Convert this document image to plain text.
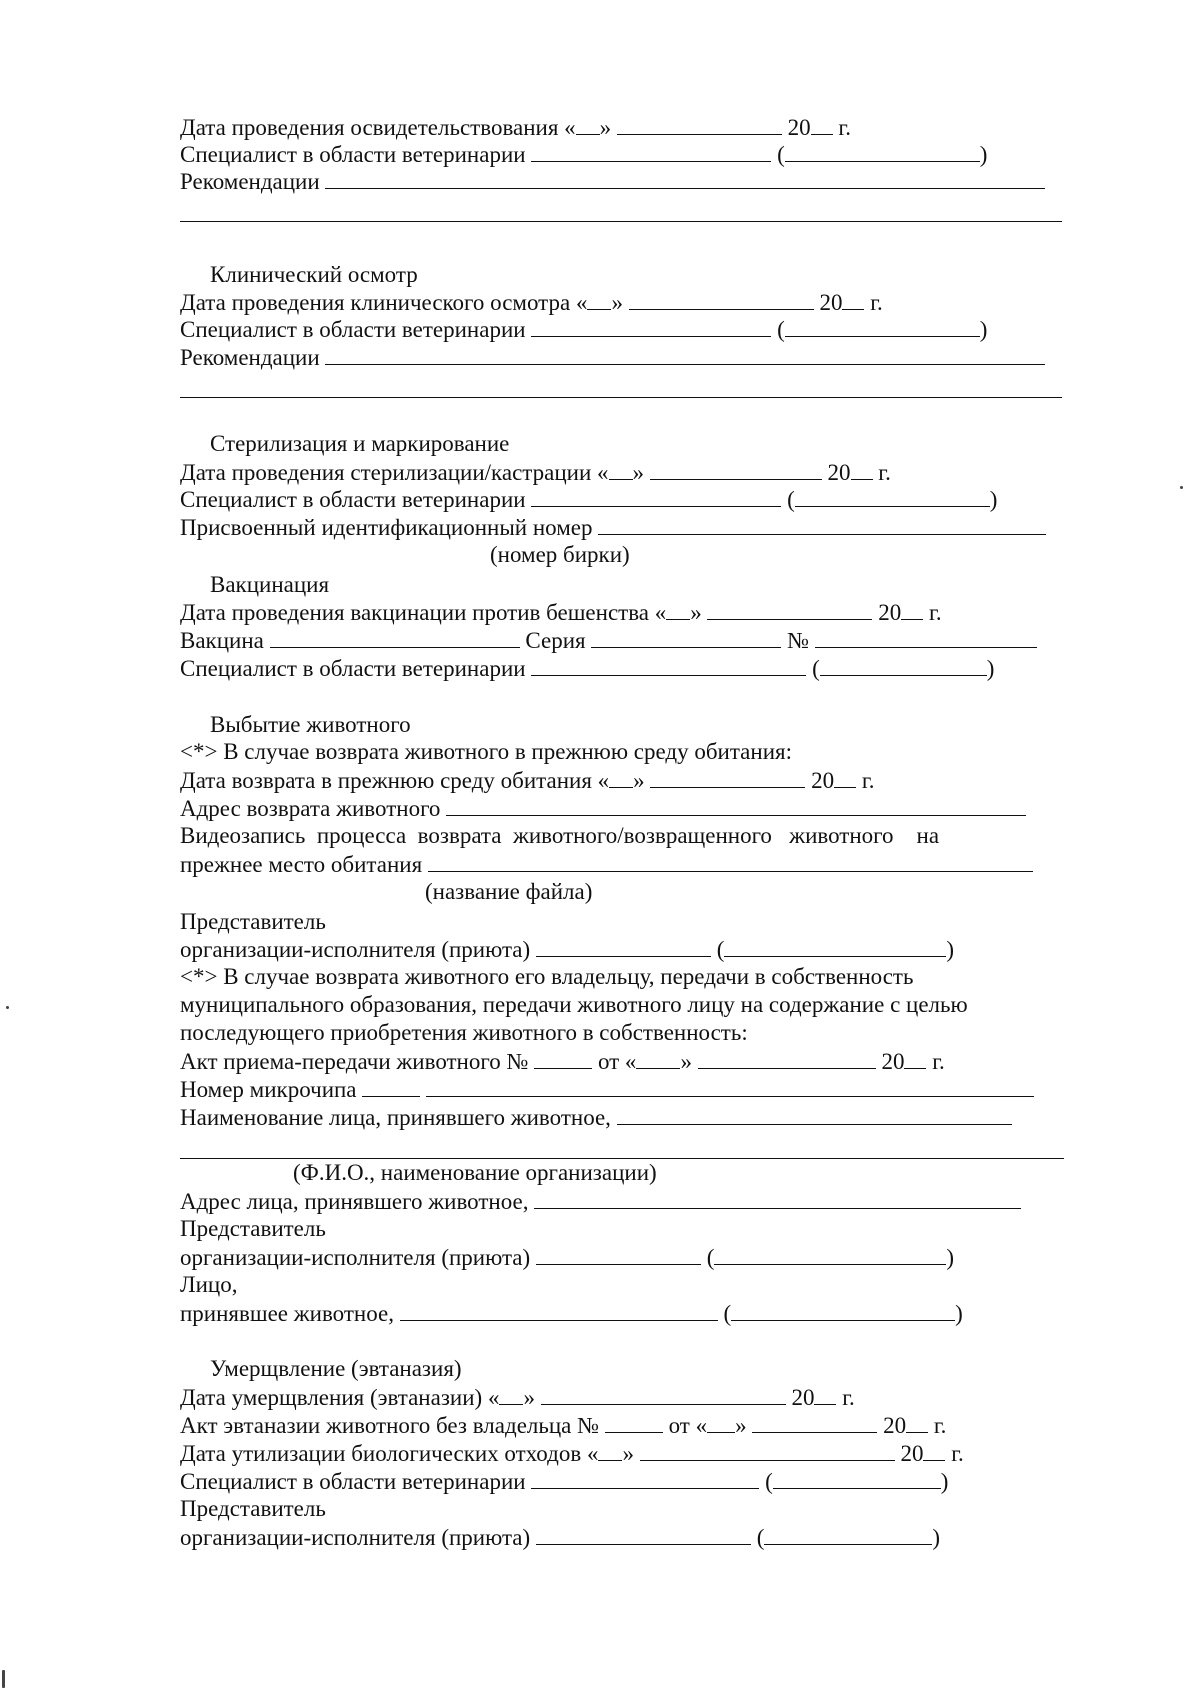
Дата проведения освидетельствования « »	20 г.
Специалист в области ветеринарии	(	)
Рекомендации
Клинический осмотр
Дата проведения клинического осмотра « »	20 г.
Специалист в области ветеринарии	(	)
Рекомендации
Стерилизация и маркирование
Дата проведения стерилизации/кастрации « »	20 г.
Специалист в области ветеринарии	(	)
Присвоенный идентификационный номер
(номер бирки)
Вакцинация
Дата проведения вакцинации против бешенства « »	20 г.
Вакцина	Серия	№
Специалист в области ветеринарии	(	)
Выбытие животного
<*> В случае возврата животного в прежнюю среду обитания:
Дата возврата в прежнюю среду обитания « »	20 г.
Адрес возврата животного
Видеозапись  процесса  возврата  животного/возвращенного   животного    на
прежнее место обитания
(название файла)
Представитель
организации-исполнителя (приюта)	(	)
<*> В случае возврата животного его владельцу, передачи в собственность
муниципального образования, передачи животного лицу на содержание с целью
последующего приобретения животного в собственность:
Акт приема-передачи животного №	от « »	20 г.
Номер микрочипа
Наименование лица, принявшего животное,
(Ф.И.О., наименование организации)
Адрес лица, принявшего животное,
Представитель
организации-исполнителя (приюта)	(	)
Лицо,
принявшее животное,	(	)
Умерщвление (эвтаназия)
Дата умерщвления (эвтаназии) « »	20 г.
Акт эвтаназии животного без владельца №	от « »	20 г.
Дата утилизации биологических отходов « »	20 г.
Специалист в области ветеринарии	(	)
Представитель
организации-исполнителя (приюта)	(	)
